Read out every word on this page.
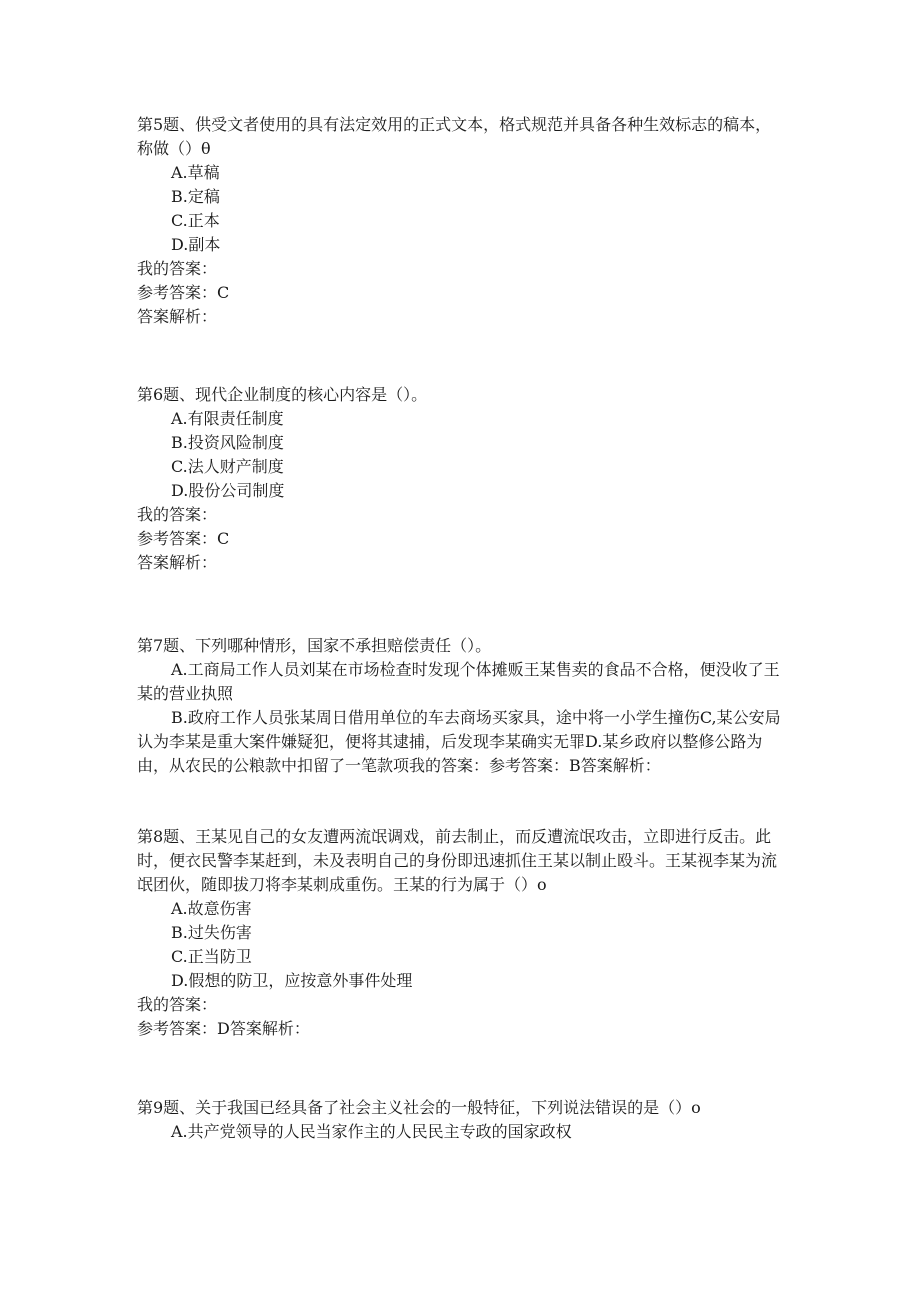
第5题、供受文者使用的具有法定效用的正式文本，格式规范并具备各种生效标志的稿本，称做（）θ

A.草稿

B.定稿

C.正本

D.副本

我的答案：

参考答案：C

答案解析：

第6题、现代企业制度的核心内容是（）。

A.有限责任制度

B.投资风险制度

C.法人财产制度

D.股份公司制度

我的答案：

参考答案：C

答案解析：

第7题、下列哪种情形，国家不承担赔偿责任（）。

A.工商局工作人员刘某在市场检查时发现个体摊贩王某售卖的食品不合格，便没收了王某的营业执照

B.政府工作人员张某周日借用单位的车去商场买家具，途中将一小学生撞伤C,某公安局认为李某是重大案件嫌疑犯，便将其逮捕，后发现李某确实无罪D.某乡政府以整修公路为由，从农民的公粮款中扣留了一笔款项我的答案：参考答案：B答案解析：

第8题、王某见自己的女友遭两流氓调戏，前去制止，而反遭流氓攻击，立即进行反击。此时，便衣民警李某赶到，未及表明自己的身份即迅速抓住王某以制止殴斗。王某视李某为流氓团伙，随即拔刀将李某刺成重伤。王某的行为属于（）o

A.故意伤害

B.过失伤害

C.正当防卫

D.假想的防卫，应按意外事件处理

我的答案：

参考答案：D答案解析：

第9题、关于我国已经具备了社会主义社会的一般特征，下列说法错误的是（）o

A.共产党领导的人民当家作主的人民民主专政的国家政权
